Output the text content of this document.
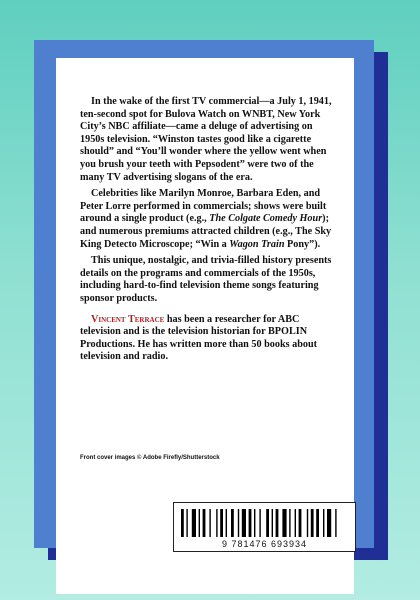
In the wake of the first TV commercial—a July 1, 1941, ten-second spot for Bulova Watch on WNBT, New York City’s NBC affiliate—came a deluge of advertising on 1950s television. “Winston tastes good like a cigarette should” and “You’ll wonder where the yellow went when you brush your teeth with Pepsodent” were two of the many TV advertising slogans of the era.

Celebrities like Marilyn Monroe, Barbara Eden, and Peter Lorre performed in commercials; shows were built around a single product (e.g., The Colgate Comedy Hour); and numerous premiums attracted children (e.g., The Sky King Detecto Microscope; “Win a Wagon Train Pony”).

This unique, nostalgic, and trivia-filled history presents details on the programs and commercials of the 1950s, including hard-to-find television theme songs featuring sponsor products.

Vincent Terrace has been a researcher for ABC television and is the television historian for BPOLIN Productions. He has written more than 50 books about television and radio.

Front cover images © Adobe Firefly/Shutterstock
9 781476 693934
